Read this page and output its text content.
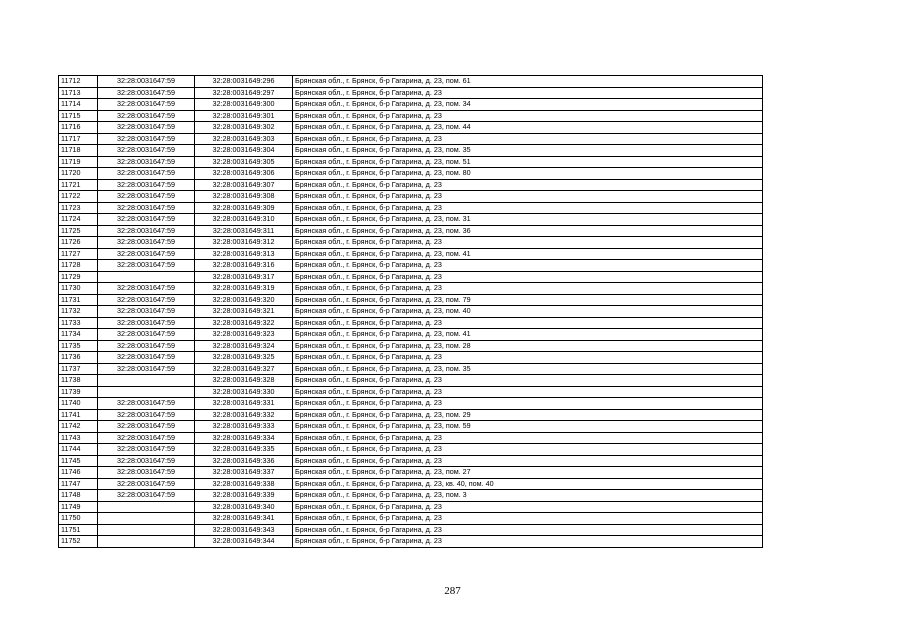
11712	32:28:0031647:59	32:28:0031649:296	Брянская обл., г. Брянск, б-р Гагарина, д. 23, пом. 61
11713	32:28:0031647:59	32:28:0031649:297	Брянская обл., г. Брянск, б-р Гагарина, д. 23
11714	32:28:0031647:59	32:28:0031649:300	Брянская обл., г. Брянск, б-р Гагарина, д. 23, пом. 34
11715	32:28:0031647:59	32:28:0031649:301	Брянская обл., г. Брянск, б-р Гагарина, д. 23
11716	32:28:0031647:59	32:28:0031649:302	Брянская обл., г. Брянск, б-р Гагарина, д. 23, пом. 44
11717	32:28:0031647:59	32:28:0031649:303	Брянская обл., г. Брянск, б-р Гагарина, д. 23
11718	32:28:0031647:59	32:28:0031649:304	Брянская обл., г. Брянск, б-р Гагарина, д. 23, пом. 35
11719	32:28:0031647:59	32:28:0031649:305	Брянская обл., г. Брянск, б-р Гагарина, д. 23, пом. 51
11720	32:28:0031647:59	32:28:0031649:306	Брянская обл., г. Брянск, б-р Гагарина, д. 23, пом. 80
11721	32:28:0031647:59	32:28:0031649:307	Брянская обл., г. Брянск, б-р Гагарина, д. 23
11722	32:28:0031647:59	32:28:0031649:308	Брянская обл., г. Брянск, б-р Гагарина, д. 23
11723	32:28:0031647:59	32:28:0031649:309	Брянская обл., г. Брянск, б-р Гагарина, д. 23
11724	32:28:0031647:59	32:28:0031649:310	Брянская обл., г. Брянск, б-р Гагарина, д. 23, пом. 31
11725	32:28:0031647:59	32:28:0031649:311	Брянская обл., г. Брянск, б-р Гагарина, д. 23, пом. 36
11726	32:28:0031647:59	32:28:0031649:312	Брянская обл., г. Брянск, б-р Гагарина, д. 23
11727	32:28:0031647:59	32:28:0031649:313	Брянская обл., г. Брянск, б-р Гагарина, д. 23, пом. 41
11728	32:28:0031647:59	32:28:0031649:316	Брянская обл., г. Брянск, б-р Гагарина, д. 23
11729		32:28:0031649:317	Брянская обл., г. Брянск, б-р Гагарина, д. 23
11730	32:28:0031647:59	32:28:0031649:319	Брянская обл., г. Брянск, б-р Гагарина, д. 23
11731	32:28:0031647:59	32:28:0031649:320	Брянская обл., г. Брянск, б-р Гагарина, д. 23, пом. 79
11732	32:28:0031647:59	32:28:0031649:321	Брянская обл., г. Брянск, б-р Гагарина, д. 23, пом. 40
11733	32:28:0031647:59	32:28:0031649:322	Брянская обл., г. Брянск, б-р Гагарина, д. 23
11734	32:28:0031647:59	32:28:0031649:323	Брянская обл., г. Брянск, б-р Гагарина, д. 23, пом. 41
11735	32:28:0031647:59	32:28:0031649:324	Брянская обл., г. Брянск, б-р Гагарина, д. 23, пом. 28
11736	32:28:0031647:59	32:28:0031649:325	Брянская обл., г. Брянск, б-р Гагарина, д. 23
11737	32:28:0031647:59	32:28:0031649:327	Брянская обл., г. Брянск, б-р Гагарина, д. 23, пом. 35
11738		32:28:0031649:328	Брянская обл., г. Брянск, б-р Гагарина, д. 23
11739		32:28:0031649:330	Брянская обл., г. Брянск, б-р Гагарина, д. 23
11740	32:28:0031647:59	32:28:0031649:331	Брянская обл., г. Брянск, б-р Гагарина, д. 23
11741	32:28:0031647:59	32:28:0031649:332	Брянская обл., г. Брянск, б-р Гагарина, д. 23, пом. 29
11742	32:28:0031647:59	32:28:0031649:333	Брянская обл., г. Брянск, б-р Гагарина, д. 23, пом. 59
11743	32:28:0031647:59	32:28:0031649:334	Брянская обл., г. Брянск, б-р Гагарина, д. 23
11744	32:28:0031647:59	32:28:0031649:335	Брянская обл., г. Брянск, б-р Гагарина, д. 23
11745	32:28:0031647:59	32:28:0031649:336	Брянская обл., г. Брянск, б-р Гагарина, д. 23
11746	32:28:0031647:59	32:28:0031649:337	Брянская обл., г. Брянск, б-р Гагарина, д. 23, пом. 27
11747	32:28:0031647:59	32:28:0031649:338	Брянская обл., г. Брянск, б-р Гагарина, д. 23, кв. 40, пом. 40
11748	32:28:0031647:59	32:28:0031649:339	Брянская обл., г. Брянск, б-р Гагарина, д. 23, пом. 3
11749		32:28:0031649:340	Брянская обл., г. Брянск, б-р Гагарина, д. 23
11750		32:28:0031649:341	Брянская обл., г. Брянск, б-р Гагарина, д. 23
11751		32:28:0031649:343	Брянская обл., г. Брянск, б-р Гагарина, д. 23
11752		32:28:0031649:344	Брянская обл., г. Брянск, б-р Гагарина, д. 23
287
